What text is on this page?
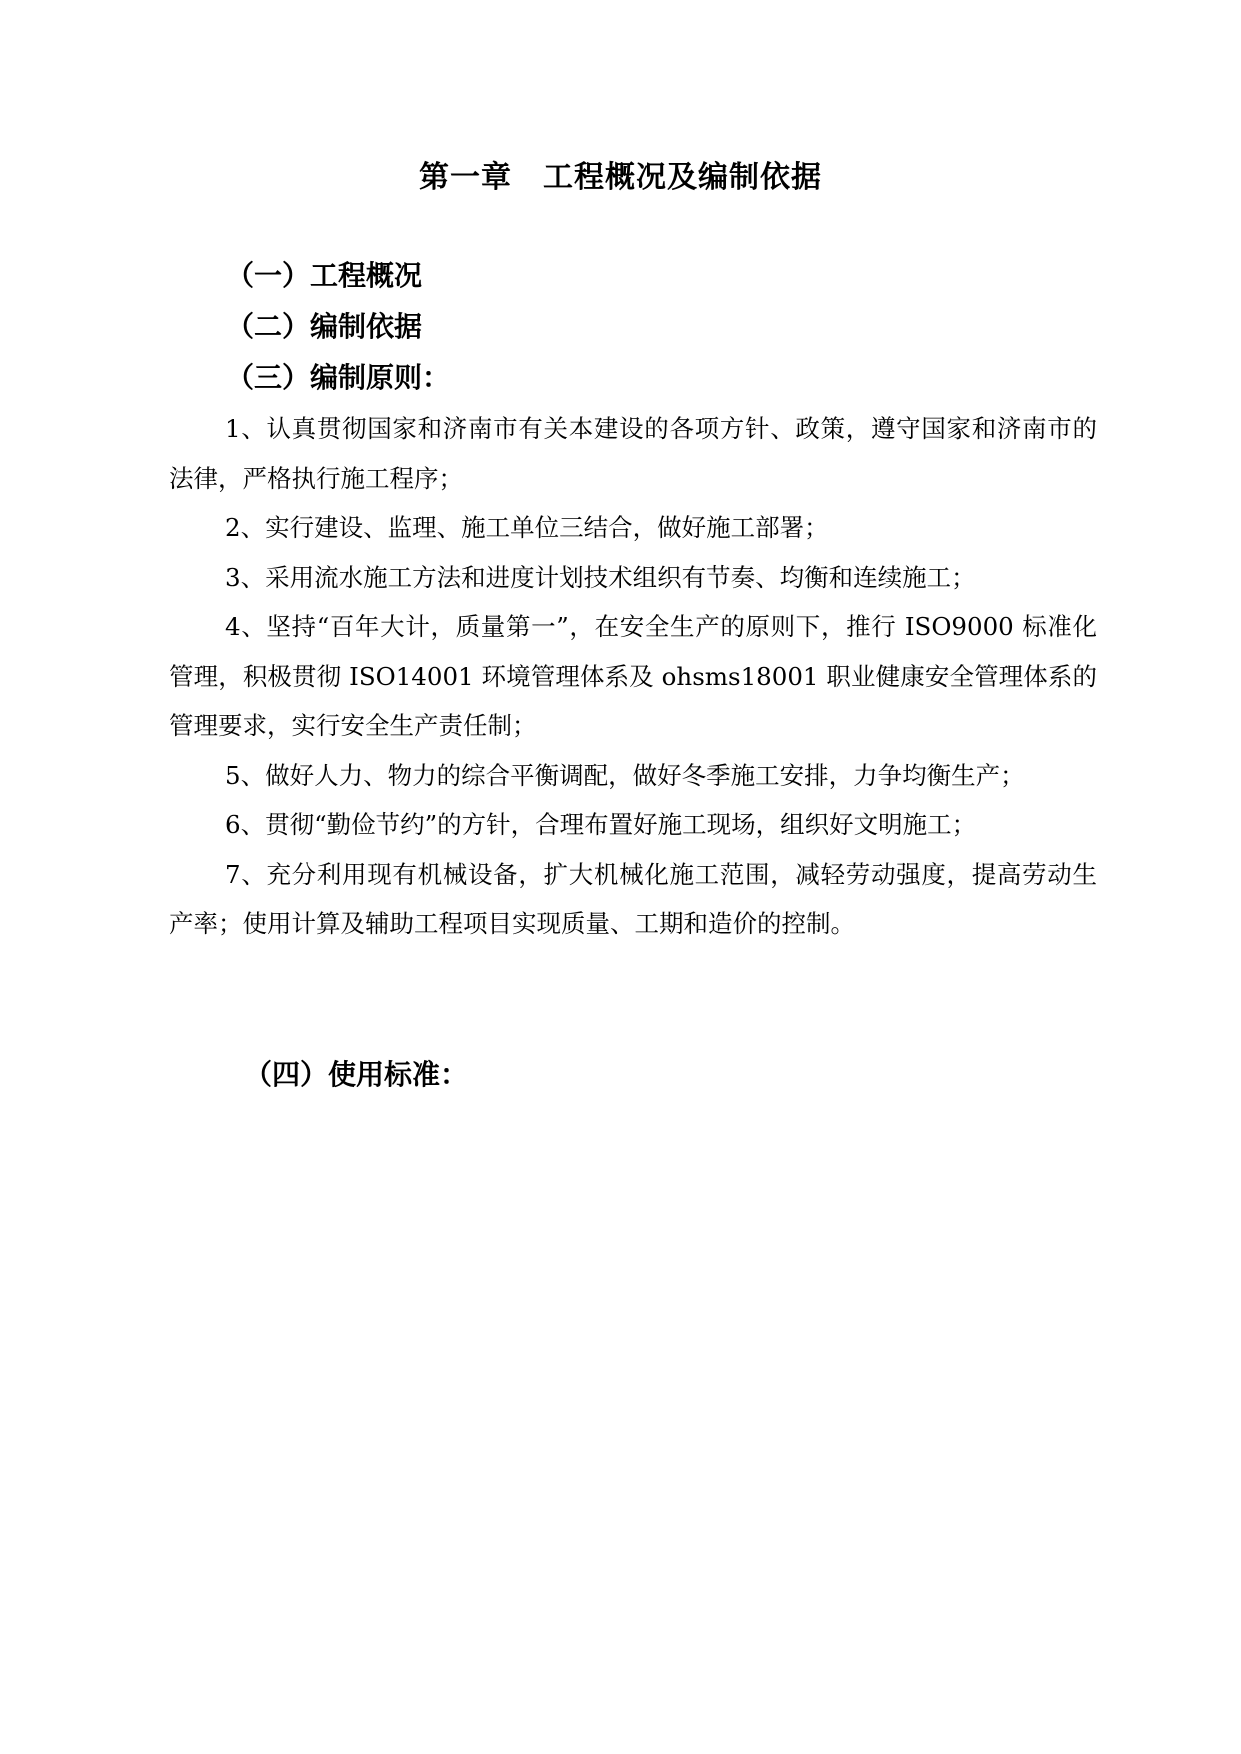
第一章　工程概况及编制依据
（一）工程概况
（二）编制依据
（三）编制原则：

1、认真贯彻国家和济南市有关本建设的各项方针、政策，遵守国家和济南市的法律，严格执行施工程序；

2、实行建设、监理、施工单位三结合，做好施工部署；

3、采用流水施工方法和进度计划技术组织有节奏、均衡和连续施工；

4、坚持“百年大计，质量第一”，在安全生产的原则下，推行 ISO9000 标准化管理，积极贯彻 ISO14001 环境管理体系及 ohsms18001 职业健康安全管理体系的管理要求，实行安全生产责任制；

5、做好人力、物力的综合平衡调配，做好冬季施工安排，力争均衡生产；

6、贯彻“勤俭节约”的方针，合理布置好施工现场，组织好文明施工；

7、充分利用现有机械设备，扩大机械化施工范围，减轻劳动强度，提高劳动生产率；使用计算及辅助工程项目实现质量、工期和造价的控制。

（四）使用标准：
